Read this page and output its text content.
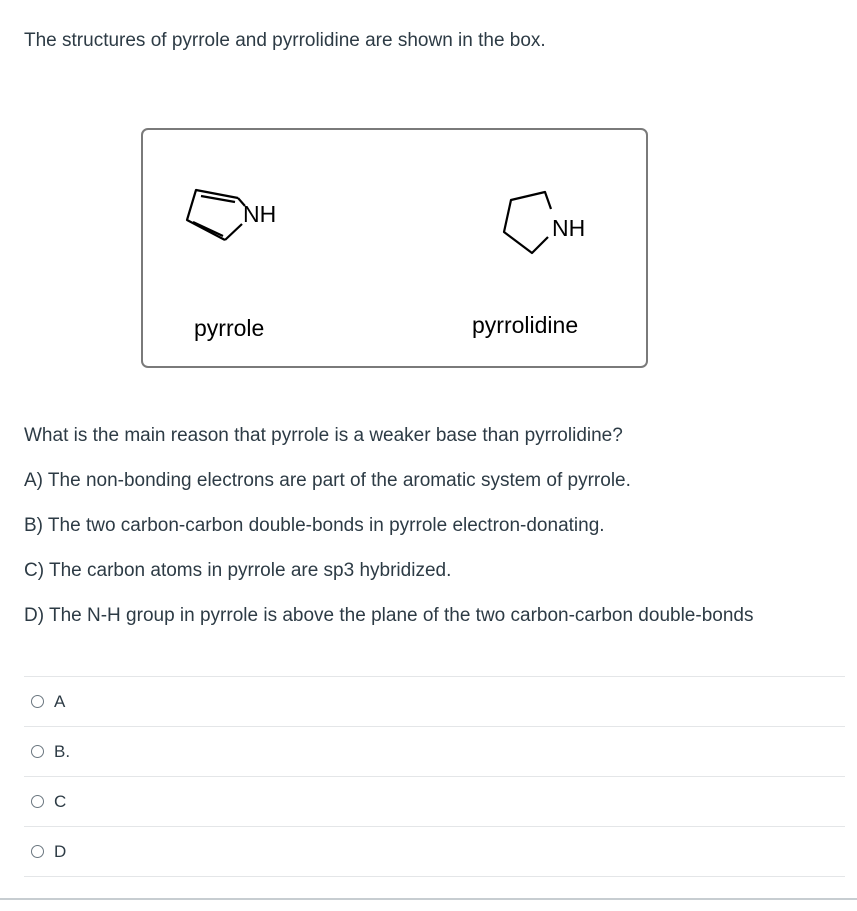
The structures of pyrrole and pyrrolidine are shown in the box.

NH
pyrrole
NH
pyrrolidine

What is the main reason that pyrrole is a weaker base than pyrrolidine?

A) The non-bonding electrons are part of the aromatic system of pyrrole.

B) The two carbon-carbon double-bonds in pyrrole electron-donating.

C) The carbon atoms in pyrrole are sp3 hybridized.

D) The N-H group in pyrrole is above the plane of the two carbon-carbon double-bonds

A
B.
C
D
